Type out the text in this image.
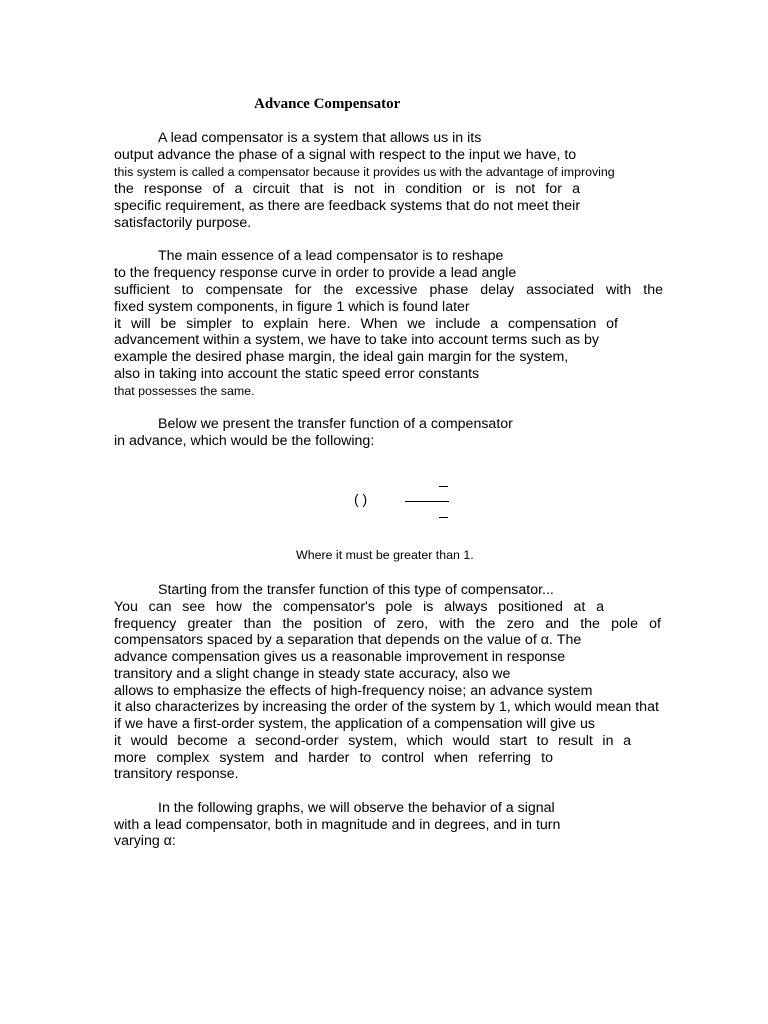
Advance Compensator
A lead compensator is a system that allows us in its
output advance the phase of a signal with respect to the input we have, to
this system is called a compensator because it provides us with the advantage of improving
the response of a circuit that is not in condition or is not for a
specific requirement, as there are feedback systems that do not meet their
satisfactorily purpose.
The main essence of a lead compensator is to reshape
to the frequency response curve in order to provide a lead angle
sufficient to compensate for the excessive phase delay associated with the
fixed system components, in figure 1 which is found later
it will be simpler to explain here. When we include a compensation of
advancement within a system, we have to take into account terms such as by
example the desired phase margin, the ideal gain margin for the system,
also in taking into account the static speed error constants
that possesses the same.
Below we present the transfer function of a compensator
in advance, which would be the following:
( )
Where it must be greater than 1.
Starting from the transfer function of this type of compensator...
You can see how the compensator's pole is always positioned at a
frequency greater than the position of zero, with the zero and the pole of
compensators spaced by a separation that depends on the value of α. The
advance compensation gives us a reasonable improvement in response
transitory and a slight change in steady state accuracy, also we
allows to emphasize the effects of high-frequency noise; an advance system
it also characterizes by increasing the order of the system by 1, which would mean that
if we have a first-order system, the application of a compensation will give us
it would become a second-order system, which would start to result in a
more complex system and harder to control when referring to
transitory response.
In the following graphs, we will observe the behavior of a signal
with a lead compensator, both in magnitude and in degrees, and in turn
varying α:
